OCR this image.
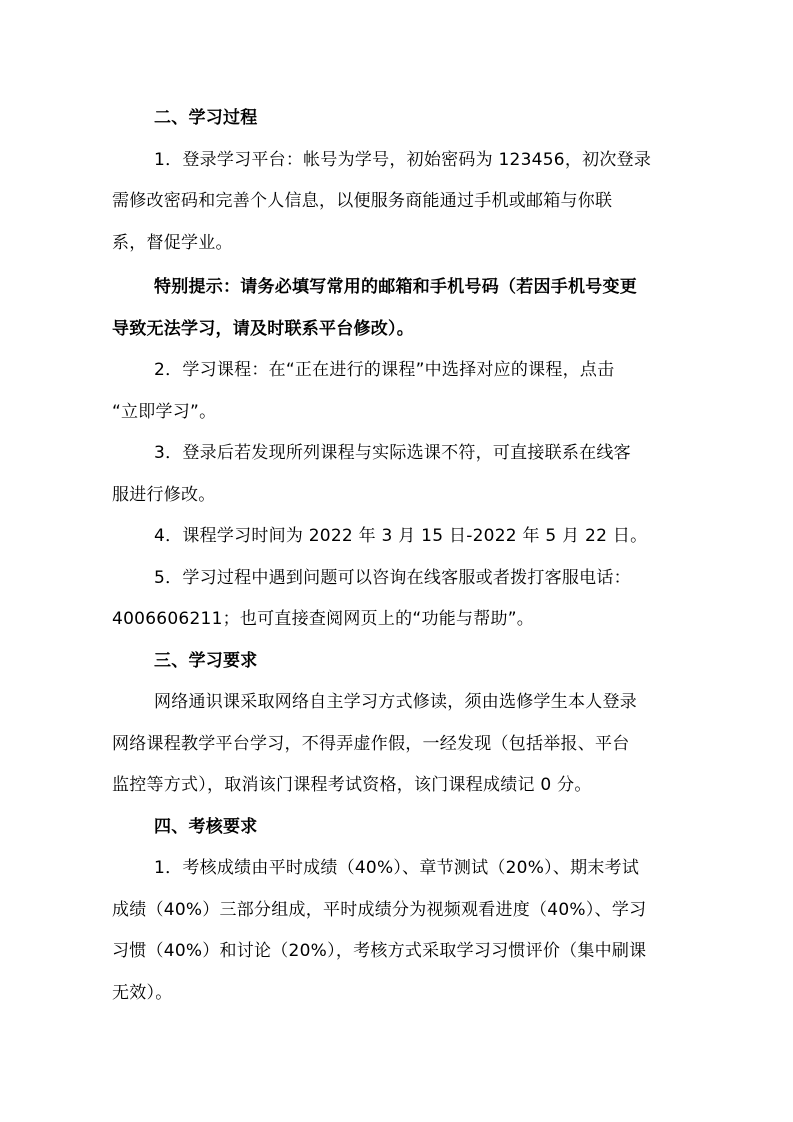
二、学习过程
1．登录学习平台：帐号为学号，初始密码为 123456，初次登录
需修改密码和完善个人信息，以便服务商能通过手机或邮箱与你联
系，督促学业。
特别提示：请务必填写常用的邮箱和手机号码（若因手机号变更
导致无法学习，请及时联系平台修改）。
2．学习课程：在“正在进行的课程”中选择对应的课程，点击
“立即学习”。
3．登录后若发现所列课程与实际选课不符，可直接联系在线客
服进行修改。
4．课程学习时间为 2022 年 3 月 15 日-2022 年 5 月 22 日。
5．学习过程中遇到问题可以咨询在线客服或者拨打客服电话：
4006606211；也可直接查阅网页上的“功能与帮助”。
三、学习要求
网络通识课采取网络自主学习方式修读，须由选修学生本人登录
网络课程教学平台学习，不得弄虚作假，一经发现（包括举报、平台
监控等方式），取消该门课程考试资格，该门课程成绩记 0 分。
四、考核要求
1．考核成绩由平时成绩（40%）、章节测试（20%）、期末考试
成绩（40%）三部分组成，平时成绩分为视频观看进度（40%）、学习
习惯（40%）和讨论（20%），考核方式采取学习习惯评价（集中刷课
无效）。
